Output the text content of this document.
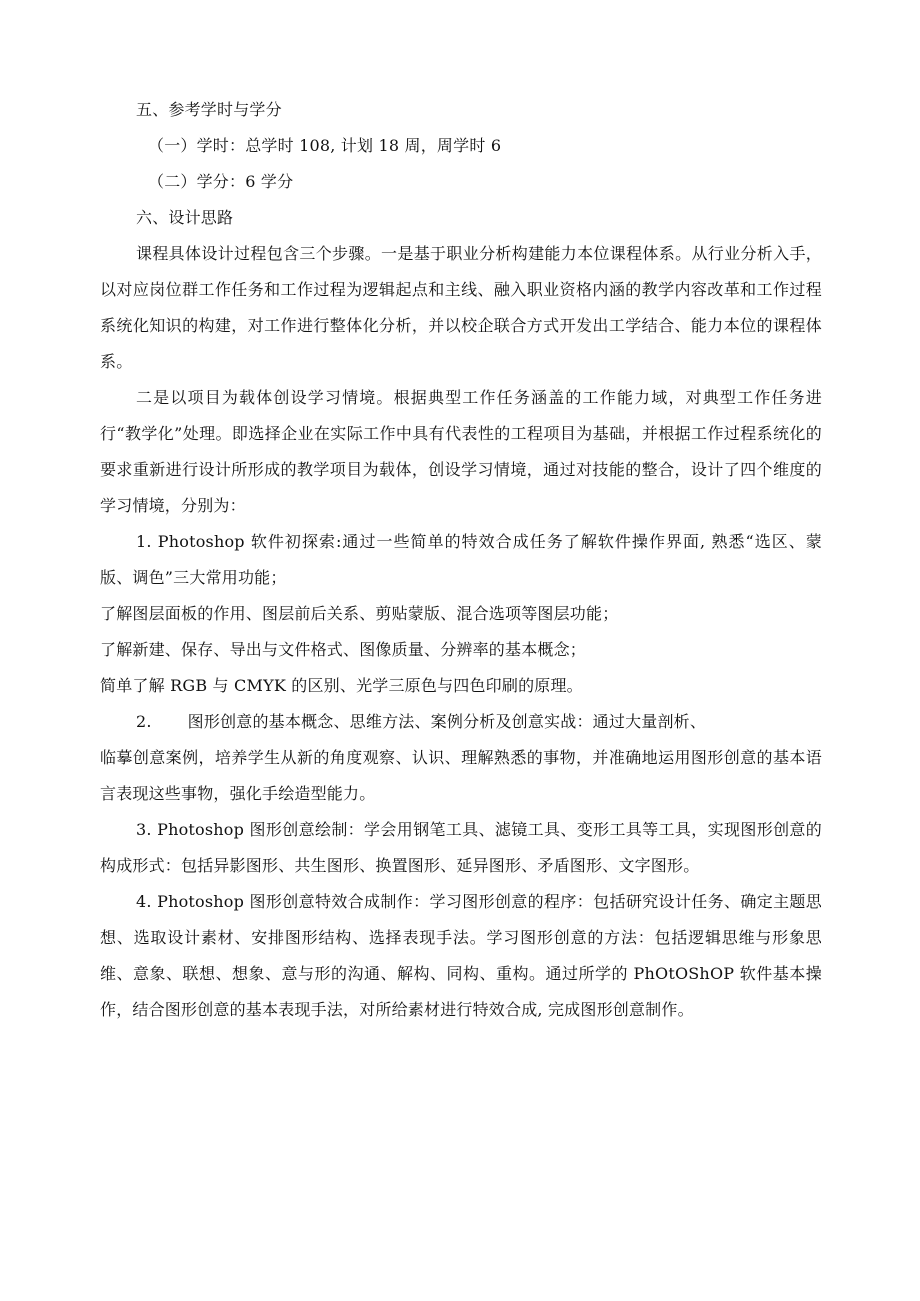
五、参考学时与学分

（一）学时：总学时 108, 计划 18 周，周学时 6

（二）学分：6 学分

六、设计思路

课程具体设计过程包含三个步骤。一是基于职业分析构建能力本位课程体系。从行业分析入手，以对应岗位群工作任务和工作过程为逻辑起点和主线、融入职业资格内涵的教学内容改革和工作过程系统化知识的构建，对工作进行整体化分析，并以校企联合方式开发出工学结合、能力本位的课程体系。

二是以项目为载体创设学习情境。根据典型工作任务涵盖的工作能力域，对典型工作任务进行“教学化”处理。即选择企业在实际工作中具有代表性的工程项目为基础，并根据工作过程系统化的要求重新进行设计所形成的教学项目为载体，创设学习情境，通过对技能的整合，设计了四个维度的学习情境，分别为：

1. Photoshop 软件初探索:通过一些简单的特效合成任务了解软件操作界面, 熟悉“选区、蒙版、调色”三大常用功能；

了解图层面板的作用、图层前后关系、剪贴蒙版、混合选项等图层功能；

了解新建、保存、导出与文件格式、图像质量、分辨率的基本概念；

简单了解 RGB 与 CMYK 的区别、光学三原色与四色印刷的原理。

2. 图形创意的基本概念、思维方法、案例分析及创意实战：通过大量剖析、

临摹创意案例，培养学生从新的角度观察、认识、理解熟悉的事物，并准确地运用图形创意的基本语言表现这些事物，强化手绘造型能力。

3. Photoshop 图形创意绘制：学会用钢笔工具、滤镜工具、变形工具等工具，实现图形创意的构成形式：包括异影图形、共生图形、换置图形、延异图形、矛盾图形、文字图形。

4. Photoshop 图形创意特效合成制作：学习图形创意的程序：包括研究设计任务、确定主题思想、选取设计素材、安排图形结构、选择表现手法。学习图形创意的方法：包括逻辑思维与形象思维、意象、联想、想象、意与形的沟通、解构、同构、重构。通过所学的 PhOtOShOP 软件基本操作，结合图形创意的基本表现手法，对所给素材进行特效合成, 完成图形创意制作。
